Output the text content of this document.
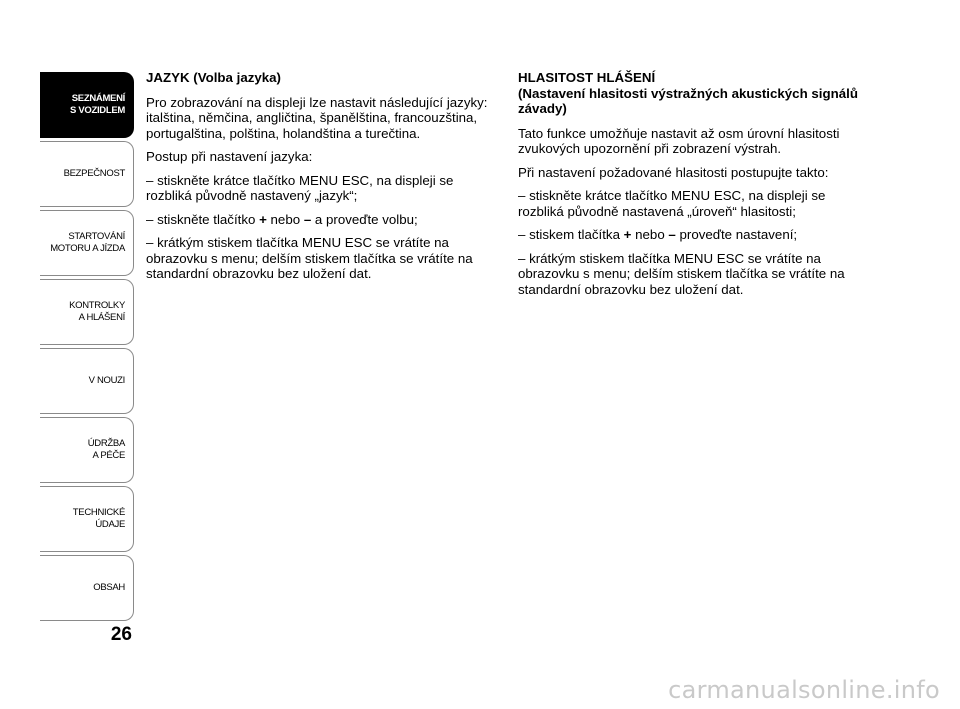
SEZNÁMENÍ
S VOZIDLEM
BEZPEČNOST
STARTOVÁNÍ
MOTORU A JÍZDA
KONTROLKY
A HLÁŠENÍ
V NOUZI
ÚDRŽBA
A PÉČE
TECHNICKÉ
ÚDAJE
OBSAH
26
JAZYK (Volba jazyka)

Pro zobrazování na displeji lze nastavit následující jazyky: italština, němčina, angličtina, španělština, francouzština, portugalština, polština, holandština a turečtina.

Postup při nastavení jazyka:

– stiskněte krátce tlačítko MENU ESC, na displeji se rozbliká původně nastavený „jazyk“;

– stiskněte tlačítko + nebo – a proveďte volbu;

– krátkým stiskem tlačítka MENU ESC se vrátíte na obrazovku s menu; delším stiskem tlačítka se vrátíte na standardní obrazovku bez uložení dat.

HLASITOST HLÁŠENÍ
(Nastavení hlasitosti výstražných akustických signálů závady)

Tato funkce umožňuje nastavit až osm úrovní hlasitosti zvukových upozornění při zobrazení výstrah.

Při nastavení požadované hlasitosti postupujte takto:

– stiskněte krátce tlačítko MENU ESC, na displeji se rozbliká původně nastavená „úroveň“ hlasitosti;

– stiskem tlačítka + nebo – proveďte nastavení;

– krátkým stiskem tlačítka MENU ESC se vrátíte na obrazovku s menu; delším stiskem tlačítka se vrátíte na standardní obrazovku bez uložení dat.

carmanualsonline.info
